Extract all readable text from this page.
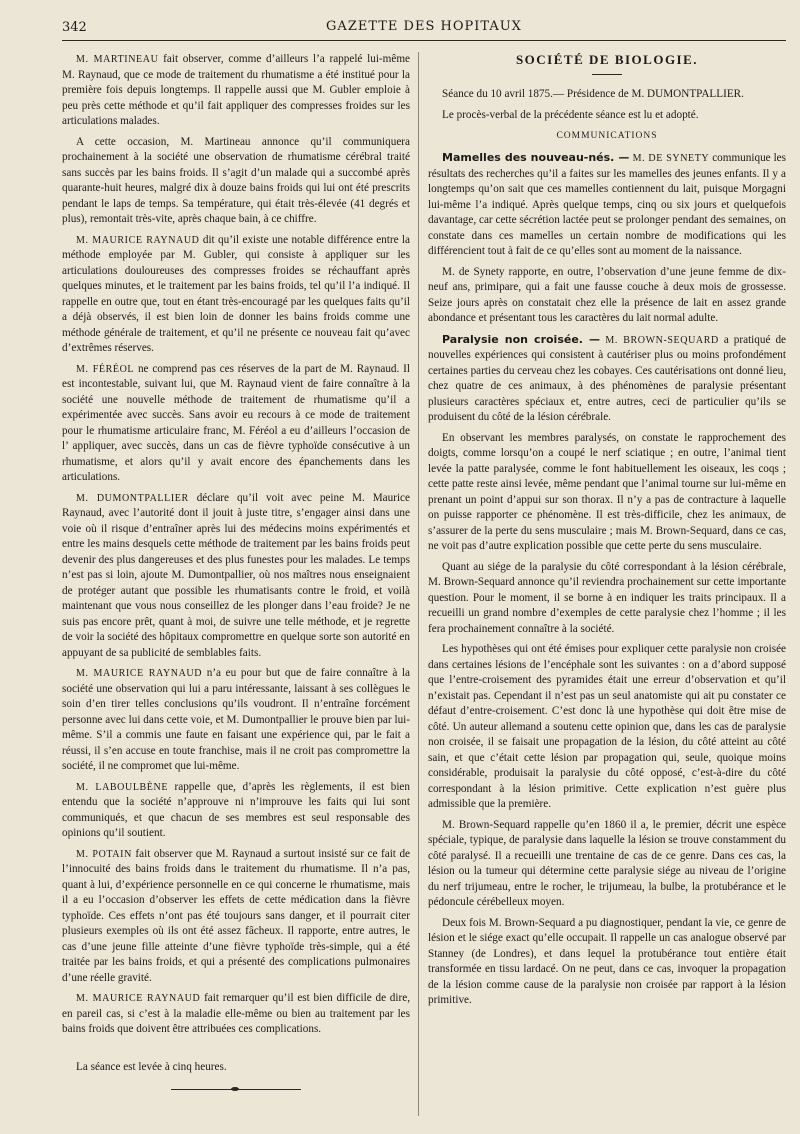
342	GAZETTE DES HOPITAUX

M. MARTINEAU fait observer, comme d’ailleurs l’a rappelé lui-même M. Raynaud, que ce mode de traitement du rhumatisme a été institué pour la première fois depuis longtemps. Il rappelle aussi que M. Gubler emploie à peu près cette méthode et qu’il fait appliquer des compresses froides sur les articulations malades.

A cette occasion, M. Martineau annonce qu’il communiquera prochainement à la société une observation de rhumatisme cérébral traité sans succès par les bains froids. Il s’agit d’un malade qui a succombé après quarante-huit heures, malgré dix à douze bains froids qui lui ont été prescrits pendant le laps de temps. Sa température, qui était très-élevée (41 degrés et plus), remontait très-vite, après chaque bain, à ce chiffre.

M. MAURICE RAYNAUD dit qu’il existe une notable différence entre la méthode employée par M. Gubler, qui consiste à appliquer sur les articulations douloureuses des compresses froides se réchauffant après quelques minutes, et le traitement par les bains froids, tel qu’il l’a indiqué. Il rappelle en outre que, tout en étant très-encouragé par les quelques faits qu’il a déjà observés, il est bien loin de donner les bains froids comme une méthode générale de traitement, et qu’il ne présente ce nouveau fait qu’avec d’extrêmes réserves.

M. FÉRÉOL ne comprend pas ces réserves de la part de M. Raynaud. Il est incontestable, suivant lui, que M. Raynaud vient de faire connaître à la société une nouvelle méthode de traitement de rhumatisme qu’il a expérimentée avec succès. Sans avoir eu recours à ce mode de traitement pour le rhumatisme articulaire franc, M. Féréol a eu d’ailleurs l’occasion de l’ appliquer, avec succès, dans un cas de fièvre typhoïde consécutive à un rhumatisme, et alors qu’il y avait encore des épanchements dans les articulations.

M. DUMONTPALLIER déclare qu’il voit avec peine M. Maurice Raynaud, avec l’autorité dont il jouit à juste titre, s’engager ainsi dans une voie où il risque d’entraîner après lui des médecins moins expérimentés et entre les mains desquels cette méthode de traitement par les bains froids peut devenir des plus dangereuses et des plus funestes pour les malades. Le temps n’est pas si loin, ajoute M. Dumontpallier, où nos maîtres nous enseignaient de protéger autant que possible les rhumatisants contre le froid, et voilà maintenant que vous nous conseillez de les plonger dans l’eau froide? Je ne suis pas encore prêt, quant à moi, de suivre une telle méthode, et je regrette de voir la société des hôpitaux compromettre en quelque sorte son autorité en appuyant de sa publicité de semblables faits.

M. MAURICE RAYNAUD n’a eu pour but que de faire connaître à la société une observation qui lui a paru intéressante, laissant à ses collègues le soin d’en tirer telles conclusions qu’ils voudront. Il n’entraîne forcément personne avec lui dans cette voie, et M. Dumontpallier le prouve bien par lui-même. S’il a commis une faute en faisant une expérience qui, par le fait a réussi, il s’en accuse en toute franchise, mais il ne croit pas compromettre la société, il ne compromet que lui-même.

M. LABOULBÈNE rappelle que, d’après les règlements, il est bien entendu que la société n’approuve ni n’improuve les faits qui lui sont communiqués, et que chacun de ses membres est seul responsable des opinions qu’il soutient.

M. POTAIN fait observer que M. Raynaud a surtout insisté sur ce fait de l’innocuité des bains froids dans le traitement du rhumatisme. Il n’a pas, quant à lui, d’expérience personnelle en ce qui concerne le rhumatisme, mais il a eu l’occasion d’observer les effets de cette médication dans la fièvre typhoïde. Ces effets n’ont pas été toujours sans danger, et il pourrait citer plusieurs exemples où ils ont été assez fâcheux. Il rapporte, entre autres, le cas d’une jeune fille atteinte d’une fièvre typhoïde très-simple, qui a été traitée par les bains froids, et qui a présenté des complications pulmonaires d’une réelle gravité.

M. MAURICE RAYNAUD fait remarquer qu’il est bien difficile de dire, en pareil cas, si c’est à la maladie elle-même ou bien au traitement par les bains froids que doivent être attribuées ces complications.

La séance est levée à cinq heures.

SOCIÉTÉ DE BIOLOGIE.

Séance du 10 avril 1875.— Présidence de M. DUMONTPALLIER.

Le procès-verbal de la précédente séance est lu et adopté.

COMMUNICATIONS

Mamelles des nouveau-nés. — M. DE SYNETY communique les résultats des recherches qu’il a faites sur les mamelles des jeunes enfants. Il y a longtemps qu’on sait que ces mamelles contiennent du lait, puisque Morgagni lui-même l’a indiqué. Après quelque temps, cinq ou six jours et quelquefois davantage, car cette sécrétion lactée peut se prolonger pendant des semaines, on constate dans ces mamelles un certain nombre de modifications qui les différencient tout à fait de ce qu’elles sont au moment de la naissance.

M. de Synety rapporte, en outre, l’observation d’une jeune femme de dix-neuf ans, primipare, qui a fait une fausse couche à deux mois de grossesse. Seize jours après on constatait chez elle la présence de lait en assez grande abondance et présentant tous les caractères du lait normal adulte.

Paralysie non croisée. — M. BROWN-SEQUARD a pratiqué de nouvelles expériences qui consistent à cautériser plus ou moins profondément certaines parties du cerveau chez les cobayes. Ces cautérisations ont donné lieu, chez quatre de ces animaux, à des phénomènes de paralysie présentant plusieurs caractères spéciaux et, entre autres, ceci de particulier qu’ils se produisent du côté de la lésion cérébrale.

En observant les membres paralysés, on constate le rapprochement des doigts, comme lorsqu’on a coupé le nerf sciatique ; en outre, l’animal tient levée la patte paralysée, comme le font habituellement les oiseaux, les coqs ; cette patte reste ainsi levée, même pendant que l’animal tourne sur lui-même en prenant un point d’appui sur son thorax. Il n’y a pas de contracture à laquelle on puisse rapporter ce phénomène. Il est très-difficile, chez les animaux, de s’assurer de la perte du sens musculaire ; mais M. Brown-Sequard, dans ce cas, ne voit pas d’autre explication possible que cette perte du sens musculaire.

Quant au siége de la paralysie du côté correspondant à la lésion cérébrale, M. Brown-Sequard annonce qu’il reviendra prochainement sur cette importante question. Pour le moment, il se borne à en indiquer les traits principaux. Il a recueilli un grand nombre d’exemples de cette paralysie chez l’homme ; il les fera prochainement connaître à la société.

Les hypothèses qui ont été émises pour expliquer cette paralysie non croisée dans certaines lésions de l’encéphale sont les suivantes : on a d’abord supposé que l’entre-croisement des pyramides était une erreur d’observation et qu’il n’existait pas. Cependant il n’est pas un seul anatomiste qui ait pu constater ce défaut d’entre-croisement. C’est donc là une hypothèse qui doit être mise de côté. Un auteur allemand a soutenu cette opinion que, dans les cas de paralysie non croisée, il se faisait une propagation de la lésion, du côté atteint au côté sain, et que c’était cette lésion par propagation qui, seule, quoique moins considérable, produisait la paralysie du côté opposé, c’est-à-dire du côté correspondant à la lésion primitive. Cette explication n’est guère plus admissible que la première.

M. Brown-Sequard rappelle qu’en 1860 il a, le premier, décrit une espèce spéciale, typique, de paralysie dans laquelle la lésion se trouve constamment du côté paralysé. Il a recueilli une trentaine de cas de ce genre. Dans ces cas, la lésion ou la tumeur qui détermine cette paralysie siége au niveau de l’origine du nerf trijumeau, entre le rocher, le trijumeau, la bulbe, la protubérance et le pédoncule cérébelleux moyen.

Deux fois M. Brown-Sequard a pu diagnostiquer, pendant la vie, ce genre de lésion et le siége exact qu’elle occupait. Il rappelle un cas analogue observé par Stanney (de Londres), et dans lequel la protubérance tout entière était transformée en tissu lardacé. On ne peut, dans ce cas, invoquer la propagation de la lésion comme cause de la paralysie non croisée par rapport à la lésion primitive.
